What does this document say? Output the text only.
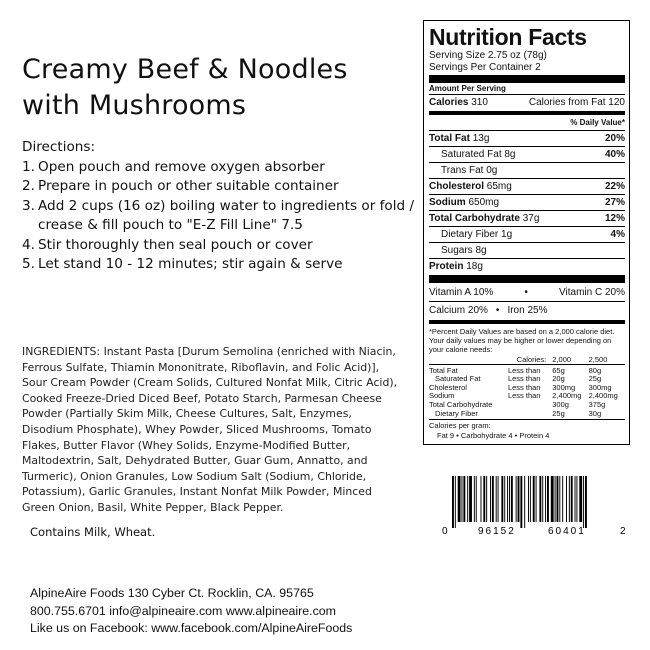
Creamy Beef & Noodles
with Mushrooms
Directions:
1. Open pouch and remove oxygen absorber
2. Prepare in pouch or other suitable container
3. Add 2 cups (16 oz) boiling water to ingredients or fold / crease & fill pouch to "E-Z Fill Line" 7.5
4. Stir thoroughly then seal pouch or cover
5. Let stand 10 - 12 minutes; stir again & serve
INGREDIENTS: Instant Pasta [Durum Semolina (enriched with Niacin, Ferrous Sulfate, Thiamin Mononitrate, Riboflavin, and Folic Acid)], Sour Cream Powder (Cream Solids, Cultured Nonfat Milk, Citric Acid), Cooked Freeze-Dried Diced Beef, Potato Starch, Parmesan Cheese Powder (Partially Skim Milk, Cheese Cultures, Salt, Enzymes, Disodium Phosphate), Whey Powder, Sliced Mushrooms, Tomato Flakes, Butter Flavor (Whey Solids, Enzyme-Modified Butter, Maltodextrin, Salt, Dehydrated Butter, Guar Gum, Annatto, and Turmeric), Onion Granules, Low Sodium Salt (Sodium, Chloride, Potassium), Garlic Granules, Instant Nonfat Milk Powder, Minced Green Onion, Basil, White Pepper, Black Pepper.
Contains Milk, Wheat.
AlpineAire Foods 130 Cyber Ct. Rocklin, CA. 95765
800.755.6701 info@alpineaire.com www.alpineaire.com
Like us on Facebook: www.facebook.com/AlpineAireFoods
Nutrition Facts
Serving Size 2.75 oz (78g)
Servings Per Container 2
Amount Per Serving
Calories 310	Calories from Fat 120
% Daily Value*
Total Fat 13g	20%
Saturated Fat 8g	40%
Trans Fat 0g
Cholesterol 65mg	22%
Sodium 650mg	27%
Total Carbohydrate 37g	12%
Dietary Fiber 1g	4%
Sugars 8g
Protein 18g
Vitamin A 10%	•	Vitamin C 20%
Calcium 20% • Iron 25%
*Percent Daily Values are based on a 2,000 calorie diet. Your daily values may be higher or lower depending on your calorie needs:
	Calories:	2,000	2,500

Total Fat	Less than	65g	80g
Saturated Fat	Less than	20g	25g
Cholesterol	Less than	300mg	300mg
Sodium	Less than	2,400mg	2,400mg
Total Carbohydrate		300g	375g
Dietary Fiber		25g	30g
Calories per gram:
Fat 9 • Carbohydrate 4 • Protein 4
0	96152	60401	2
